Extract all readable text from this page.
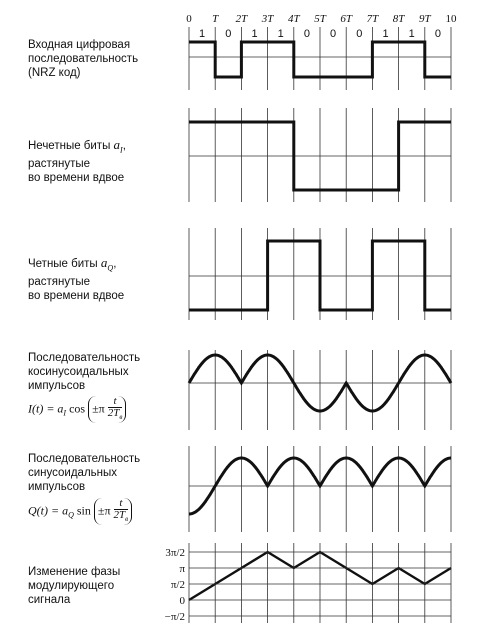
0 T 2T 3T 4T 5T 6T 7T 8T 9T 10
1 0 1 1 0 0 0 1 1 0
3π/2
π
π/2
0
−π/2
Входная цифровая
последовательность
(NRZ код)
Нечетные биты $a_I$,
растянутые
во времени вдвое
Четные биты $a_Q$,
растянутые
во времени вдвое
Последовательность
косинусоидальных
импульсов
$I(t) = a_I$ $\cos \pm\pi \frac{t}{2T_в}$
Последовательность
синусоидальных
импульсов
$Q(t) = a_Q$ $\sin \pm\pi \frac{t}{2T_в}$
Изменение фазы
модулирующего
сигнала
